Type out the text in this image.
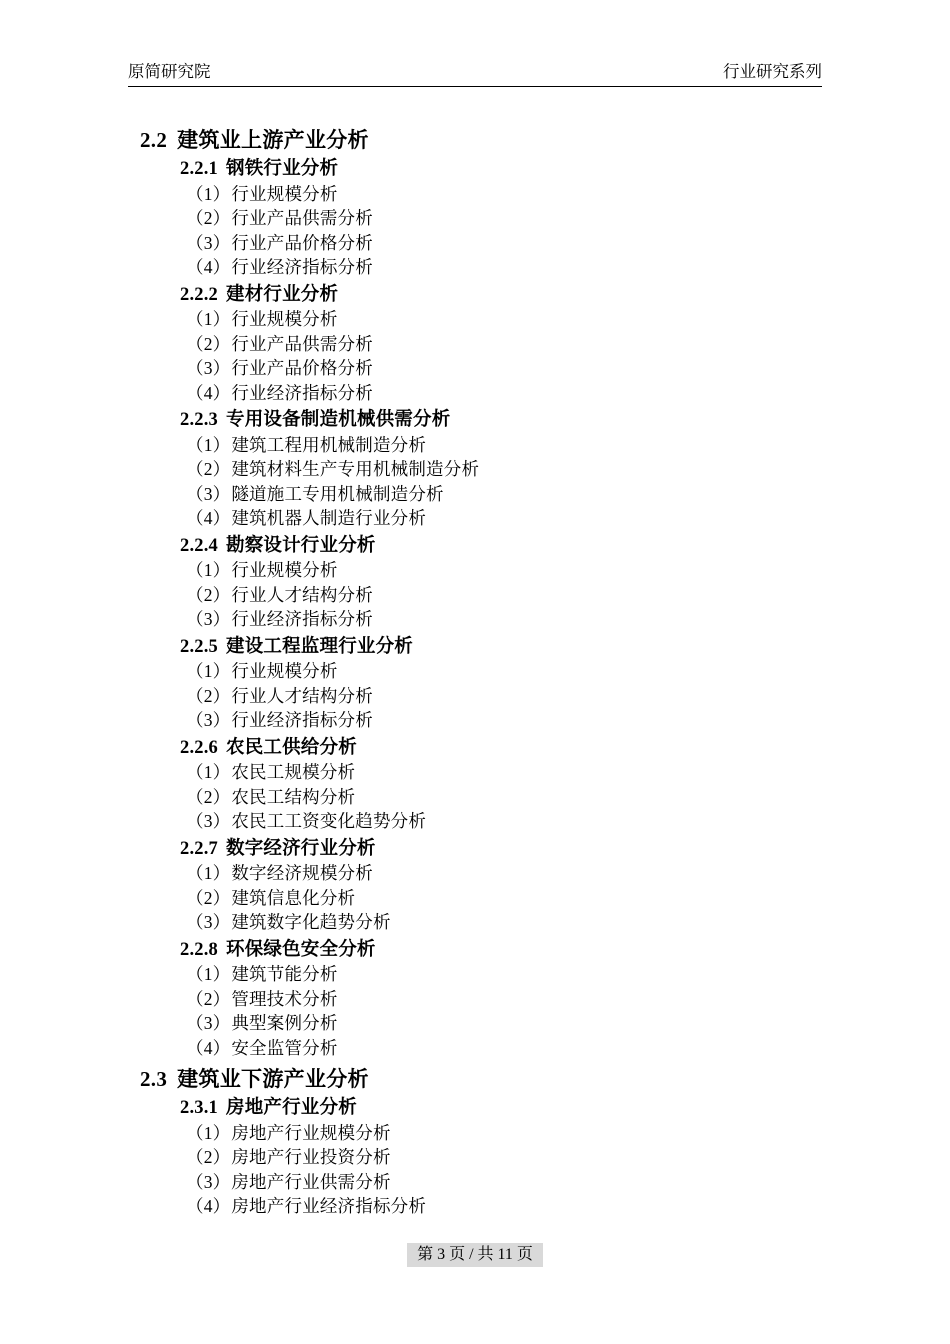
原简研究院	行业研究系列
2.2 建筑业上游产业分析
2.2.1 钢铁行业分析
（1）行业规模分析
（2）行业产品供需分析
（3）行业产品价格分析
（4）行业经济指标分析
2.2.2 建材行业分析
（1）行业规模分析
（2）行业产品供需分析
（3）行业产品价格分析
（4）行业经济指标分析
2.2.3 专用设备制造机械供需分析
（1）建筑工程用机械制造分析
（2）建筑材料生产专用机械制造分析
（3）隧道施工专用机械制造分析
（4）建筑机器人制造行业分析
2.2.4 勘察设计行业分析
（1）行业规模分析
（2）行业人才结构分析
（3）行业经济指标分析
2.2.5 建设工程监理行业分析
（1）行业规模分析
（2）行业人才结构分析
（3）行业经济指标分析
2.2.6 农民工供给分析
（1）农民工规模分析
（2）农民工结构分析
（3）农民工工资变化趋势分析
2.2.7 数字经济行业分析
（1）数字经济规模分析
（2）建筑信息化分析
（3）建筑数字化趋势分析
2.2.8 环保绿色安全分析
（1）建筑节能分析
（2）管理技术分析
（3）典型案例分析
（4）安全监管分析
2.3 建筑业下游产业分析
2.3.1 房地产行业分析
（1）房地产行业规模分析
（2）房地产行业投资分析
（3）房地产行业供需分析
（4）房地产行业经济指标分析
第 3 页 / 共 11 页
